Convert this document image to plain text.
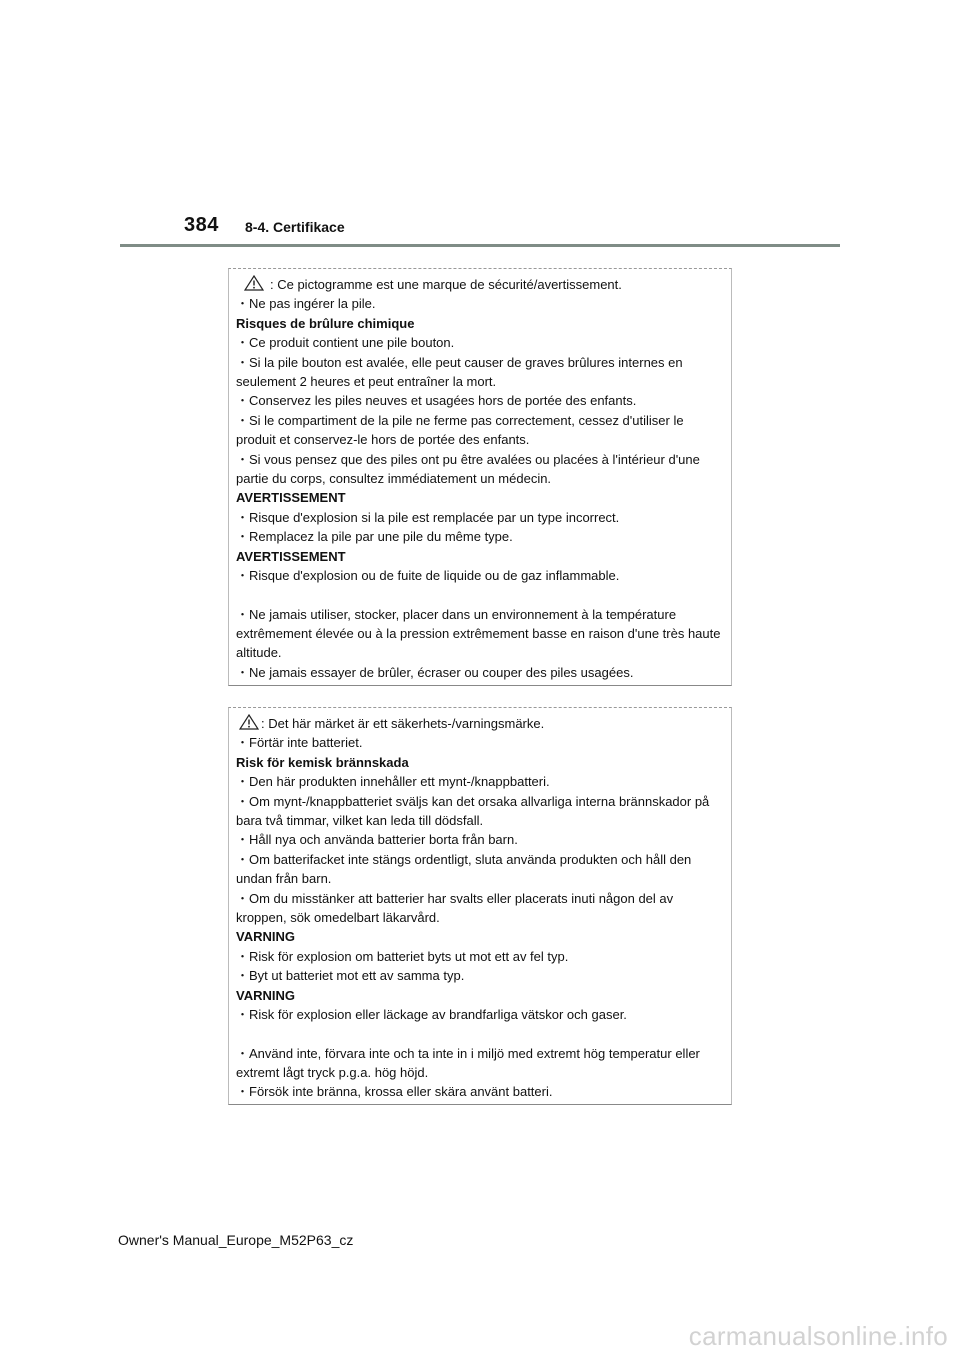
384 8-4. Certifikace

: Ce pictogramme est une marque de sécurité/avertissement.

・Ne pas ingérer la pile.

Risques de brûlure chimique

・Ce produit contient une pile bouton.

・Si la pile bouton est avalée, elle peut causer de graves brûlures internes en seulement 2 heures et peut entraîner la mort.

・Conservez les piles neuves et usagées hors de portée des enfants.

・Si le compartiment de la pile ne ferme pas correctement, cessez d'utiliser le produit et conservez-le hors de portée des enfants.

・Si vous pensez que des piles ont pu être avalées ou placées à l'intérieur d'une partie du corps, consultez immédiatement un médecin.

AVERTISSEMENT

・Risque d'explosion si la pile est remplacée par un type incorrect.

・Remplacez la pile par une pile du même type.

AVERTISSEMENT

・Risque d'explosion ou de fuite de liquide ou de gaz inflammable.

・Ne jamais utiliser, stocker, placer dans un environnement à la température extrêmement élevée ou à la pression extrêmement basse en raison d'une très haute altitude.

・Ne jamais essayer de brûler, écraser ou couper des piles usagées.

: Det här märket är ett säkerhets-/varningsmärke.

・Förtär inte batteriet.

Risk för kemisk brännskada

・Den här produkten innehåller ett mynt-/knappbatteri.

・Om mynt-/knappbatteriet sväljs kan det orsaka allvarliga interna brännskador på bara två timmar, vilket kan leda till dödsfall.

・Håll nya och använda batterier borta från barn.

・Om batterifacket inte stängs ordentligt, sluta använda produkten och håll den undan från barn.

・Om du misstänker att batterier har svalts eller placerats inuti någon del av kroppen, sök omedelbart läkarvård.

VARNING

・Risk för explosion om batteriet byts ut mot ett av fel typ.

・Byt ut batteriet mot ett av samma typ.

VARNING

・Risk för explosion eller läckage av brandfarliga vätskor och gaser.

・Använd inte, förvara inte och ta inte in i miljö med extremt hög temperatur eller extremt lågt tryck p.g.a. hög höjd.

・Försök inte bränna, krossa eller skära använt batteri.

Owner's Manual_Europe_M52P63_cz
carmanualsonline.info
